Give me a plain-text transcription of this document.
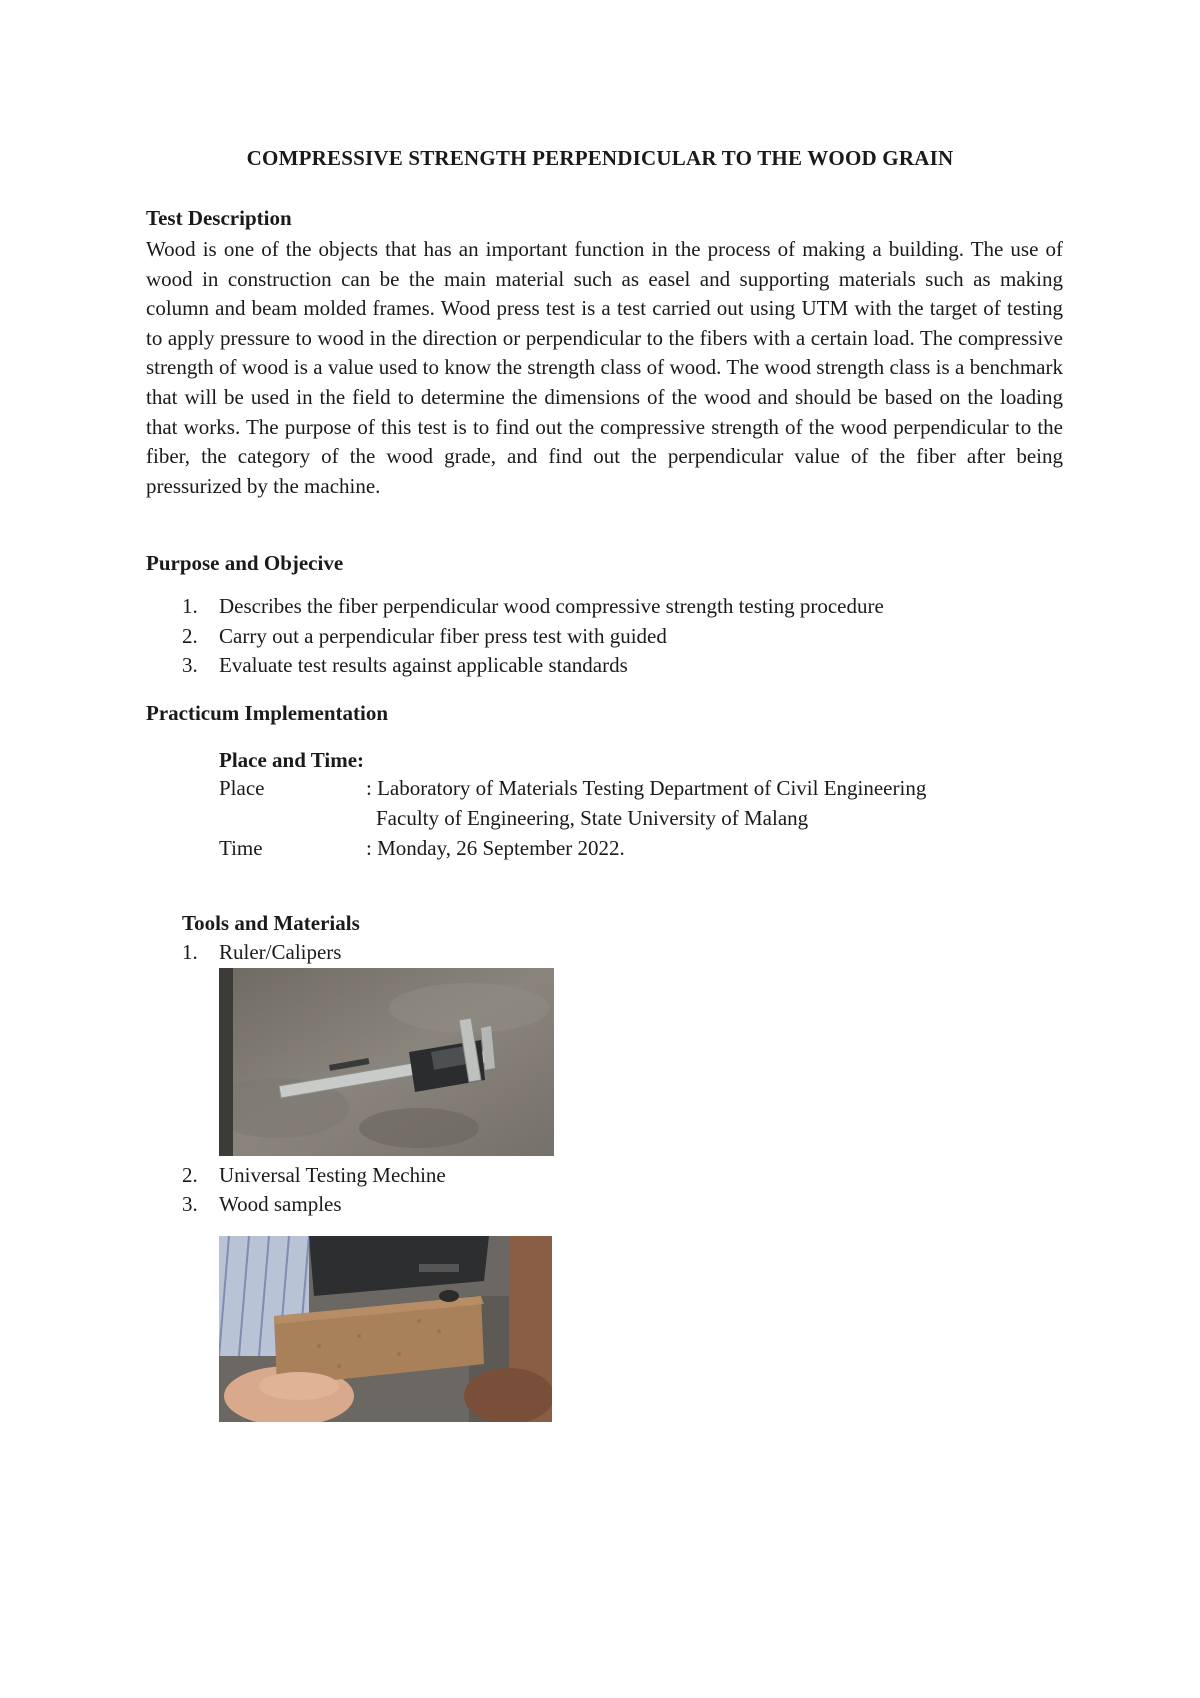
COMPRESSIVE STRENGTH PERPENDICULAR TO THE WOOD GRAIN
Test Description

Wood is one of the objects that has an important function in the process of making a building. The use of wood in construction can be the main material such as easel and supporting materials such as making column and beam molded frames. Wood press test is a test carried out using UTM with the target of testing to apply pressure to wood in the direction or perpendicular to the fibers with a certain load. The compressive strength of wood is a value used to know the strength class of wood. The wood strength class is a benchmark that will be used in the field to determine the dimensions of the wood and should be based on the loading that works. The purpose of this test is to find out the compressive strength of the wood perpendicular to the fiber, the category of the wood grade, and find out the perpendicular value of the fiber after being pressurized by the machine.

Purpose and Objecive
1. Describes the fiber perpendicular wood compressive strength testing procedure
2. Carry out a perpendicular fiber press test with guided
3. Evaluate test results against applicable standards
Practicum Implementation
Place and Time:
Place	: Laboratory of Materials Testing Department of Civil Engineering
Faculty of Engineering, State University of Malang
Time	: Monday, 26 September 2022.
Tools and Materials
1. Ruler/Calipers
2. Universal Testing Mechine
3. Wood samples
